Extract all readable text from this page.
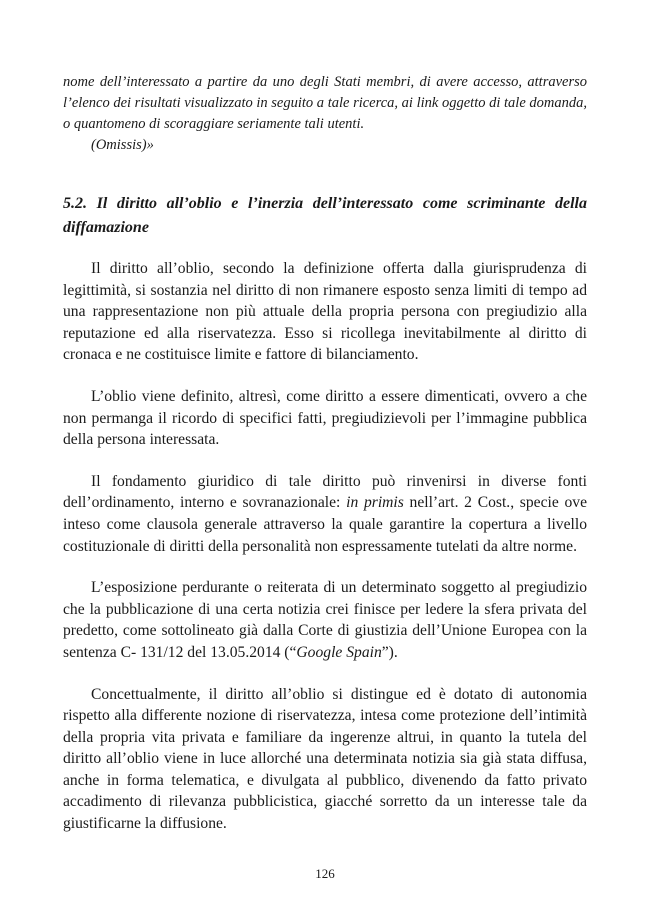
nome dell’interessato a partire da uno degli Stati membri, di avere accesso, attraverso l’elenco dei risultati visualizzato in seguito a tale ricerca, ai link oggetto di tale domanda, o quantomeno di scoraggiare seriamente tali utenti.
(Omissis)»

5.2. Il diritto all’oblio e l’inerzia dell’interessato come scriminante della diffamazione

Il diritto all’oblio, secondo la definizione offerta dalla giurisprudenza di legittimità, si sostanzia nel diritto di non rimanere esposto senza limiti di tempo ad una rappresentazione non più attuale della propria persona con pregiudizio alla reputazione ed alla riservatezza. Esso si ricollega inevitabilmente al diritto di cronaca e ne costituisce limite e fattore di bilanciamento.

L’oblio viene definito, altresì, come diritto a essere dimenticati, ovvero a che non permanga il ricordo di specifici fatti, pregiudizievoli per l’immagine pubblica della persona interessata.

Il fondamento giuridico di tale diritto può rinvenirsi in diverse fonti dell’ordinamento, interno e sovranazionale: in primis nell’art. 2 Cost., specie ove inteso come clausola generale attraverso la quale garantire la copertura a livello costituzionale di diritti della personalità non espressamente tutelati da altre norme.

L’esposizione perdurante o reiterata di un determinato soggetto al pregiudizio che la pubblicazione di una certa notizia crei finisce per ledere la sfera privata del predetto, come sottolineato già dalla Corte di giustizia dell’Unione Europea con la sentenza C- 131/12 del 13.05.2014 (“Google Spain”).

Concettualmente, il diritto all’oblio si distingue ed è dotato di autonomia rispetto alla differente nozione di riservatezza, intesa come protezione dell’intimità della propria vita privata e familiare da ingerenze altrui, in quanto la tutela del diritto all’oblio viene in luce allorché una determinata notizia sia già stata diffusa, anche in forma telematica, e divulgata al pubblico, divenendo da fatto privato accadimento di rilevanza pubblicistica, giacché sorretto da un interesse tale da giustificarne la diffusione.

126
